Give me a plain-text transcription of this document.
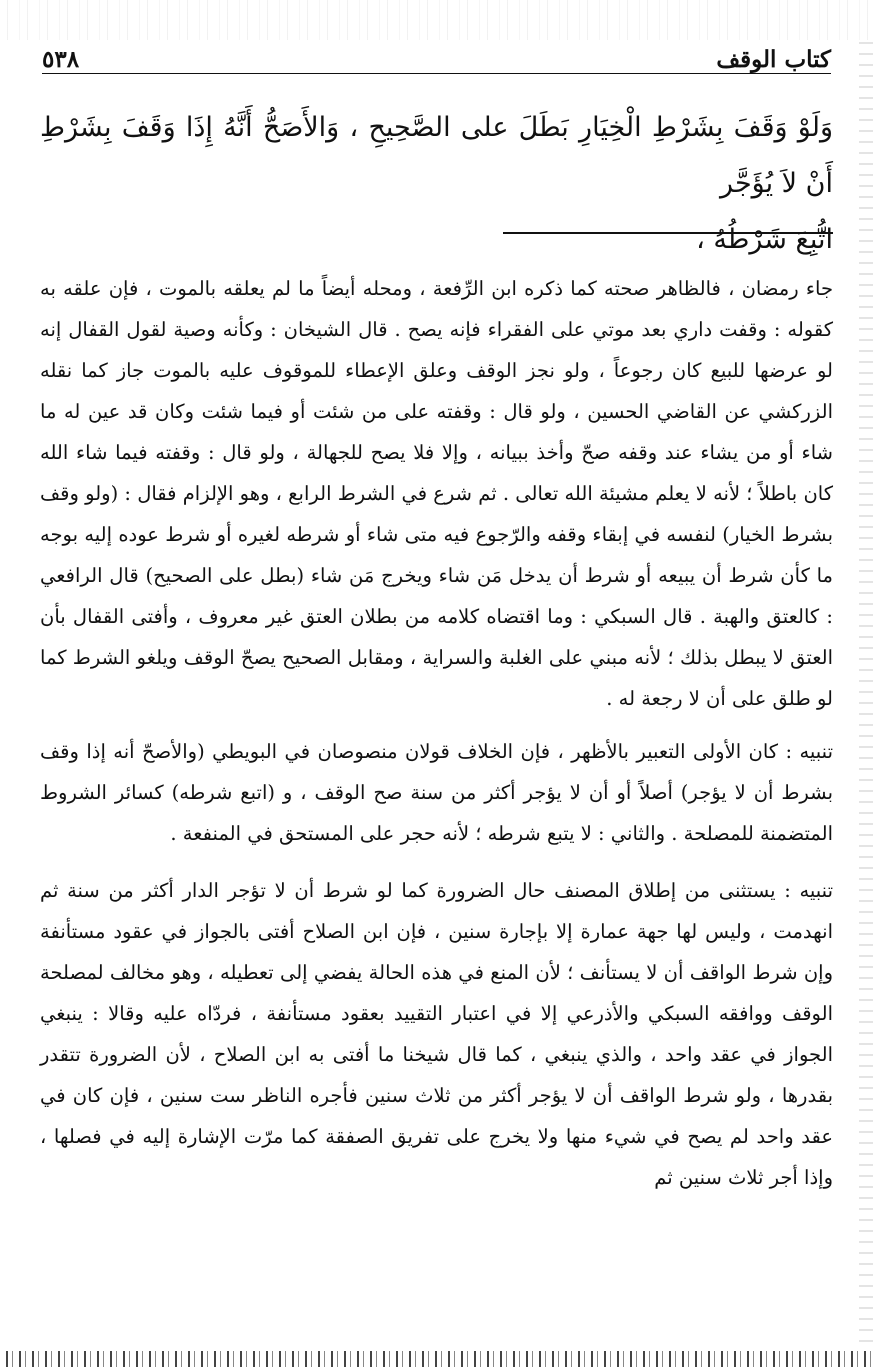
كتاب الوقف
٥٣٨

وَلَوْ وَقَفَ بِشَرْطِ الْخِيَارِ بَطَلَ على الصَّحِيحِ ، وَالأَصَحُّ أَنَّهُ إِذَا وَقَفَ بِشَرْطِ أَنْ لاَ يُؤَجَّر

اتُّبِعَ شَرْطُهُ ،

جاء رمضان ، فالظاهر صحته كما ذكره ابن الرِّفعة ، ومحله أيضاً ما لم يعلقه بالموت ، فإن علقه به كقوله : وقفت داري بعد موتي على الفقراء فإنه يصح . قال الشيخان : وكأنه وصية لقول القفال إنه لو عرضها للبيع كان رجوعاً ، ولو نجز الوقف وعلق الإعطاء للموقوف عليه بالموت جاز كما نقله الزركشي عن القاضي الحسين ، ولو قال : وقفته على من شئت أو فيما شئت وكان قد عين له ما شاء أو من يشاء عند وقفه صحّ وأخذ ببيانه ، وإلا فلا يصح للجهالة ، ولو قال : وقفته فيما شاء الله كان باطلاً ؛ لأنه لا يعلم مشيئة الله تعالى . ثم شرع في الشرط الرابع ، وهو الإلزام فقال : (ولو وقف بشرط الخيار) لنفسه في إبقاء وقفه والرّجوع فيه متى شاء أو شرطه لغيره أو شرط عوده إليه بوجه ما كأن شرط أن يبيعه أو شرط أن يدخل مَن شاء ويخرج مَن شاء (بطل على الصحيح) قال الرافعي : كالعتق والهبة . قال السبكي : وما اقتضاه كلامه من بطلان العتق غير معروف ، وأفتى القفال بأن العتق لا يبطل بذلك ؛ لأنه مبني على الغلبة والسراية ، ومقابل الصحيح يصحّ الوقف ويلغو الشرط كما لو طلق على أن لا رجعة له .

تنبيه : كان الأولى التعبير بالأظهر ، فإن الخلاف قولان منصوصان في البويطي (والأصحّ أنه إذا وقف بشرط أن لا يؤجر) أصلاً أو أن لا يؤجر أكثر من سنة صح الوقف ، و (اتبع شرطه) كسائر الشروط المتضمنة للمصلحة . والثاني : لا يتبع شرطه ؛ لأنه حجر على المستحق في المنفعة .

تنبيه : يستثنى من إطلاق المصنف حال الضرورة كما لو شرط أن لا تؤجر الدار أكثر من سنة ثم انهدمت ، وليس لها جهة عمارة إلا بإجارة سنين ، فإن ابن الصلاح أفتى بالجواز في عقود مستأنفة وإن شرط الواقف أن لا يستأنف ؛ لأن المنع في هذه الحالة يفضي إلى تعطيله ، وهو مخالف لمصلحة الوقف ووافقه السبكي والأذرعي إلا في اعتبار التقييد بعقود مستأنفة ، فردّاه عليه وقالا : ينبغي الجواز في عقد واحد ، والذي ينبغي ، كما قال شيخنا ما أفتى به ابن الصلاح ، لأن الضرورة تتقدر بقدرها ، ولو شرط الواقف أن لا يؤجر أكثر من ثلاث سنين فأجره الناظر ست سنين ، فإن كان في عقد واحد لم يصح في شيء منها ولا يخرج على تفريق الصفقة كما مرّت الإشارة إليه في فصلها ، وإذا أجر ثلاث سنين ثم
